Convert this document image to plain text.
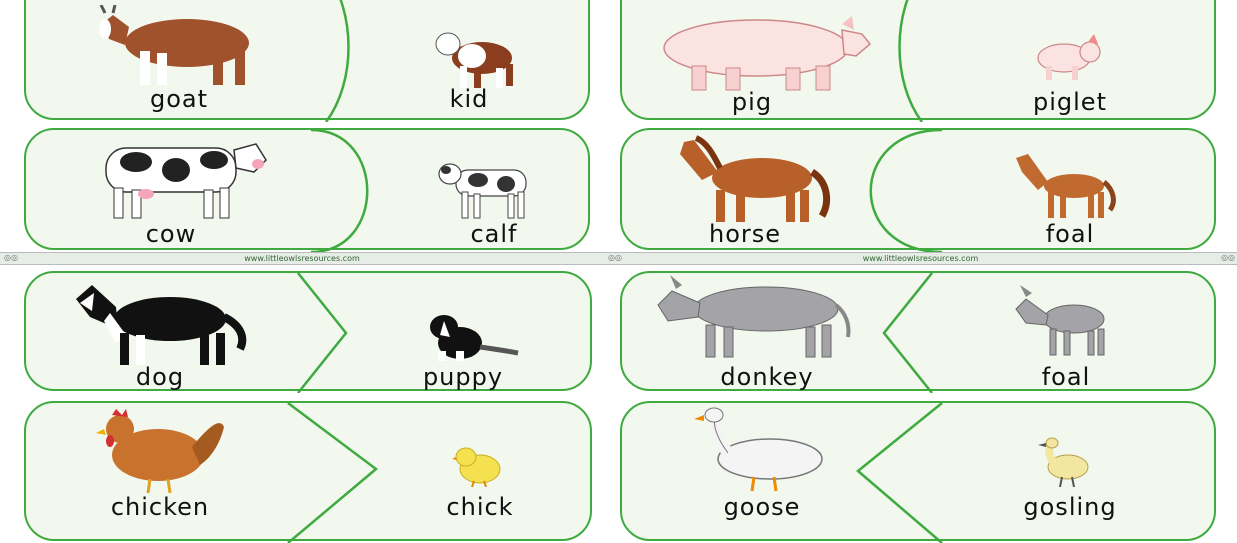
goat	kid
cow	calf
◎◎	www.littleowlsresources.com
pig	piglet
horse	foal
◎◎	www.littleowlsresources.com	◎◎
dog	puppy
chicken	chick
donkey	foal
goose	gosling
